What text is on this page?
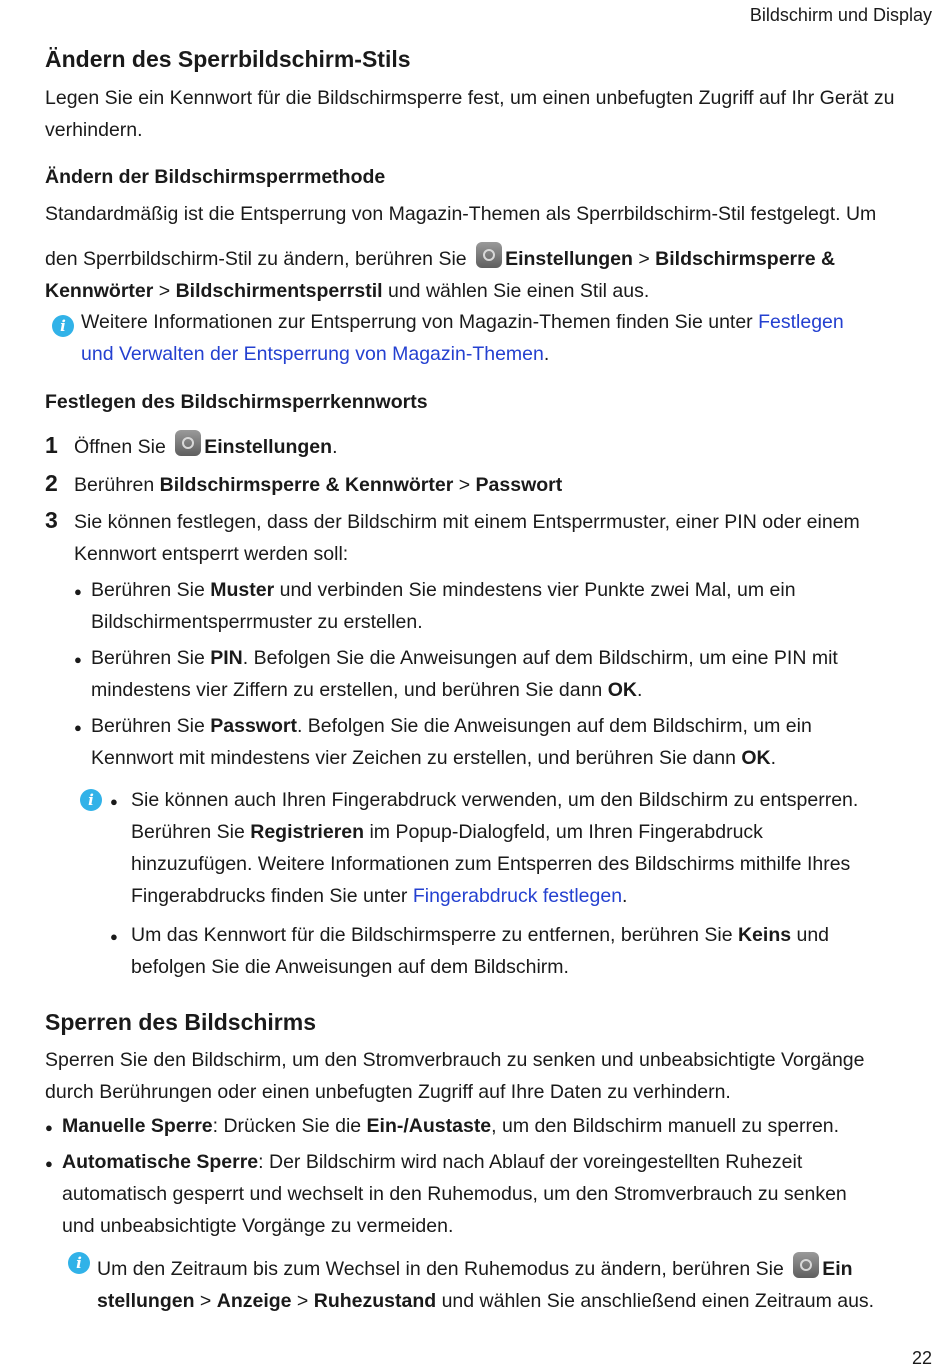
Bildschirm und Display
Ändern des Sperrbildschirm-Stils

Legen Sie ein Kennwort für die Bildschirmsperre fest, um einen unbefugten Zugriff auf Ihr Gerät zu verhindern.

Ändern der Bildschirmsperrmethode
Standardmäßig ist die Entsperrung von Magazin-Themen als Sperrbildschirm-Stil festgelegt. Um
den Sperrbildschirm-Stil zu ändern, berühren Sie Einstellungen > Bildschirmsperre &
Kennwörter > Bildschirmentsperrstil und wählen Sie einen Stil aus.
i Weitere Informationen zur Entsperrung von Magazin-Themen finden Sie unter Festlegen
und Verwalten der Entsperrung von Magazin-Themen.
Festlegen des Bildschirmsperrkennworts
1 Öffnen Sie Einstellungen.
2 Berühren Bildschirmsperre & Kennwörter > Passwort
3 Sie können festlegen, dass der Bildschirm mit einem Entsperrmuster, einer PIN oder einem
Kennwort entsperrt werden soll:
● Berühren Sie Muster und verbinden Sie mindestens vier Punkte zwei Mal, um ein
Bildschirmentsperrmuster zu erstellen.
● Berühren Sie PIN. Befolgen Sie die Anweisungen auf dem Bildschirm, um eine PIN mit
mindestens vier Ziffern zu erstellen, und berühren Sie dann OK.
● Berühren Sie Passwort. Befolgen Sie die Anweisungen auf dem Bildschirm, um ein
Kennwort mit mindestens vier Zeichen zu erstellen, und berühren Sie dann OK.
i	● Sie können auch Ihren Fingerabdruck verwenden, um den Bildschirm zu entsperren.
Berühren Sie Registrieren im Popup-Dialogfeld, um Ihren Fingerabdruck
hinzuzufügen. Weitere Informationen zum Entsperren des Bildschirms mithilfe Ihres
Fingerabdrucks finden Sie unter Fingerabdruck festlegen.
● Um das Kennwort für die Bildschirmsperre zu entfernen, berühren Sie Keins und
befolgen Sie die Anweisungen auf dem Bildschirm.
Sperren des Bildschirms
Sperren Sie den Bildschirm, um den Stromverbrauch zu senken und unbeabsichtigte Vorgänge
durch Berührungen oder einen unbefugten Zugriff auf Ihre Daten zu verhindern.
● Manuelle Sperre: Drücken Sie die Ein-/Austaste, um den Bildschirm manuell zu sperren.
● Automatische Sperre: Der Bildschirm wird nach Ablauf der voreingestellten Ruhezeit
automatisch gesperrt und wechselt in den Ruhemodus, um den Stromverbrauch zu senken
und unbeabsichtigte Vorgänge zu vermeiden.
i Um den Zeitraum bis zum Wechsel in den Ruhemodus zu ändern, berühren Sie Ein
stellungen > Anzeige > Ruhezustand und wählen Sie anschließend einen Zeitraum aus.
22
